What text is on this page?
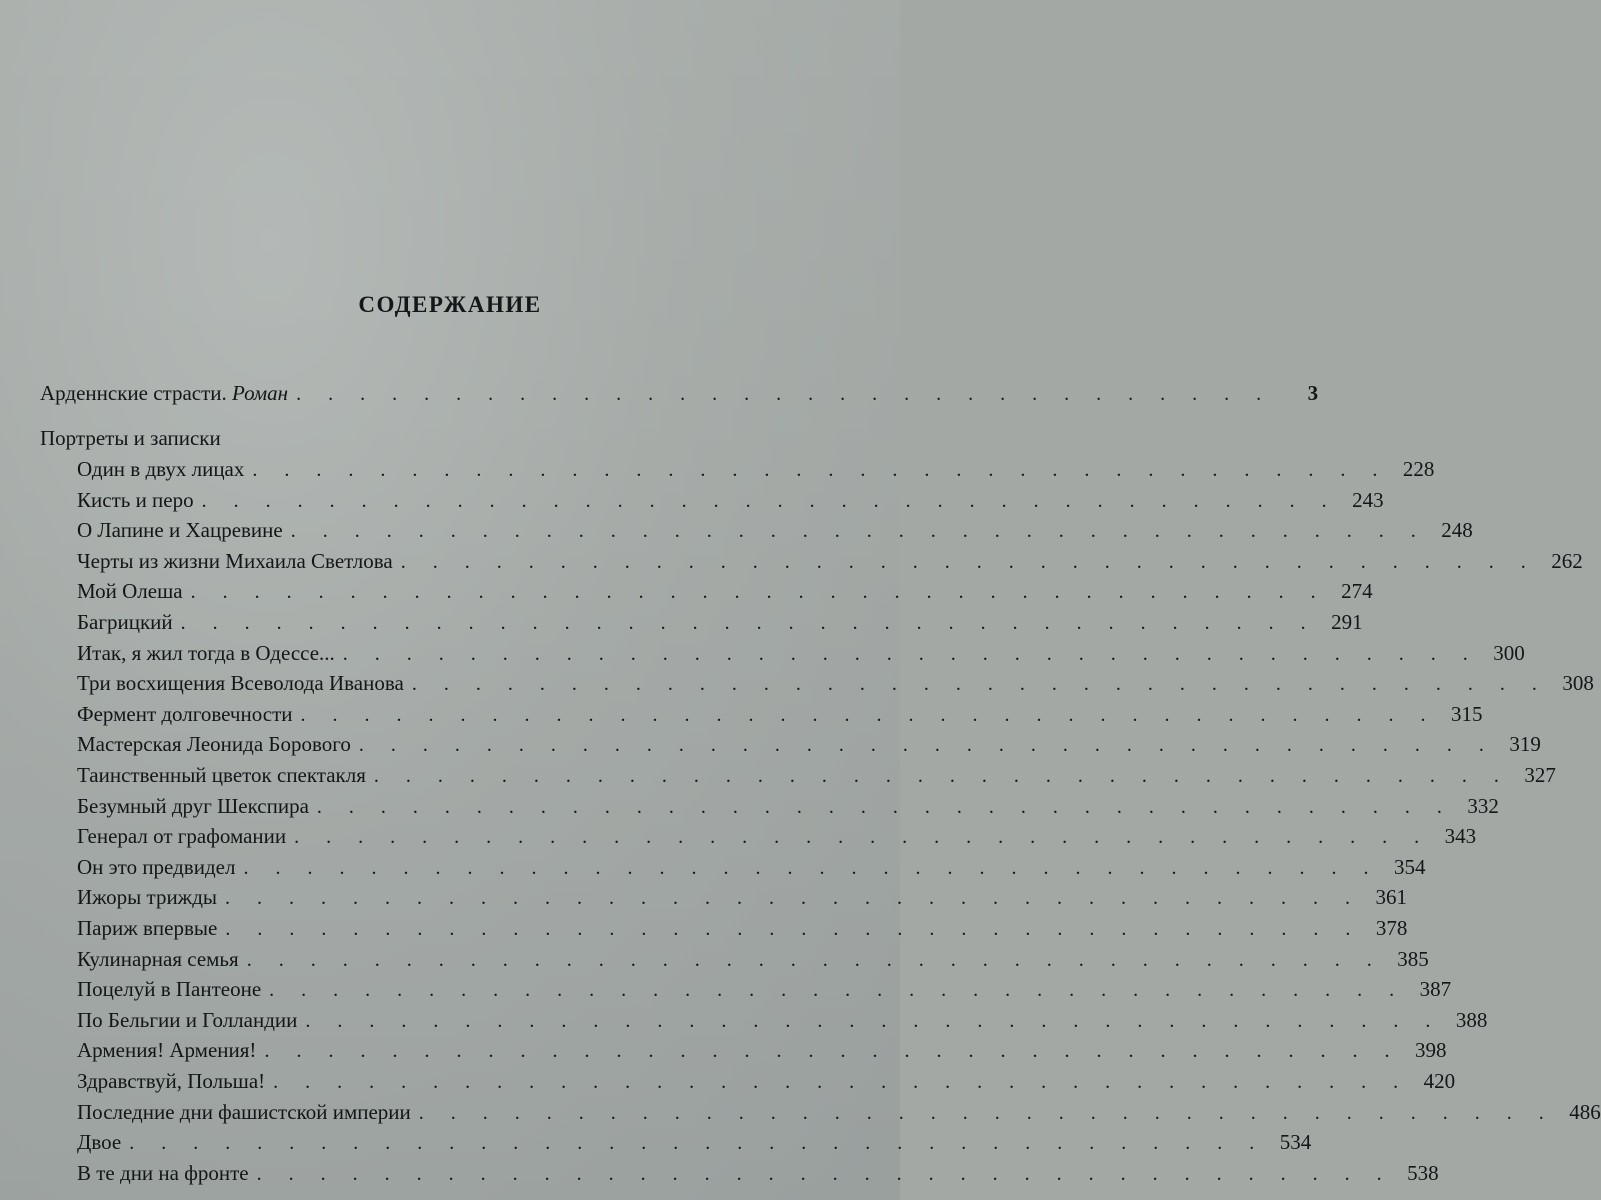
СОДЕРЖАНИЕ
Арденнские страсти. Роман . . . . . . . . . . . . . . . . . . . . . . . . . . . . . . .	3
Портреты и записки
Один в двух лицах . . . . . . . . . . . . . . . . . . . . . . . . . . . . . . . . . . . . 228
Кисть и перо . . . . . . . . . . . . . . . . . . . . . . . . . . . . . . . . . . . . 243
О Лапине и Хацревине . . . . . . . . . . . . . . . . . . . . . . . . . . . . . . . . . . . . 248
Черты из жизни Михаила Светлова . . . . . . . . . . . . . . . . . . . . . . . . . . . . . . . . . . . . 262
Мой Олеша . . . . . . . . . . . . . . . . . . . . . . . . . . . . . . . . . . . . 274
Багрицкий . . . . . . . . . . . . . . . . . . . . . . . . . . . . . . . . . . . . 291
Итак, я жил тогда в Одессе... . . . . . . . . . . . . . . . . . . . . . . . . . . . . . . . . . . . . 300
Три восхищения Всеволода Иванова . . . . . . . . . . . . . . . . . . . . . . . . . . . . . . . . . . . . 308
Фермент долговечности . . . . . . . . . . . . . . . . . . . . . . . . . . . . . . . . . . . . 315
Мастерская Леонида Борового . . . . . . . . . . . . . . . . . . . . . . . . . . . . . . . . . . . . 319
Таинственный цветок спектакля . . . . . . . . . . . . . . . . . . . . . . . . . . . . . . . . . . . . 327
Безумный друг Шекспира . . . . . . . . . . . . . . . . . . . . . . . . . . . . . . . . . . . . 332
Генерал от графомании . . . . . . . . . . . . . . . . . . . . . . . . . . . . . . . . . . . . 343
Он это предвидел . . . . . . . . . . . . . . . . . . . . . . . . . . . . . . . . . . . . 354
Ижоры трижды . . . . . . . . . . . . . . . . . . . . . . . . . . . . . . . . . . . . 361
Париж впервые . . . . . . . . . . . . . . . . . . . . . . . . . . . . . . . . . . . . 378
Кулинарная семья . . . . . . . . . . . . . . . . . . . . . . . . . . . . . . . . . . . . 385
Поцелуй в Пантеоне . . . . . . . . . . . . . . . . . . . . . . . . . . . . . . . . . . . . 387
По Бельгии и Голландии . . . . . . . . . . . . . . . . . . . . . . . . . . . . . . . . . . . . 388
Армения! Армения! . . . . . . . . . . . . . . . . . . . . . . . . . . . . . . . . . . . . 398
Здравствуй, Польша! . . . . . . . . . . . . . . . . . . . . . . . . . . . . . . . . . . . . 420
Последние дни фашистской империи . . . . . . . . . . . . . . . . . . . . . . . . . . . . . . . . . . . . 486
Двое . . . . . . . . . . . . . . . . . . . . . . . . . . . . . . . . . . . . 534
В те дни на фронте . . . . . . . . . . . . . . . . . . . . . . . . . . . . . . . . . . . . 538
